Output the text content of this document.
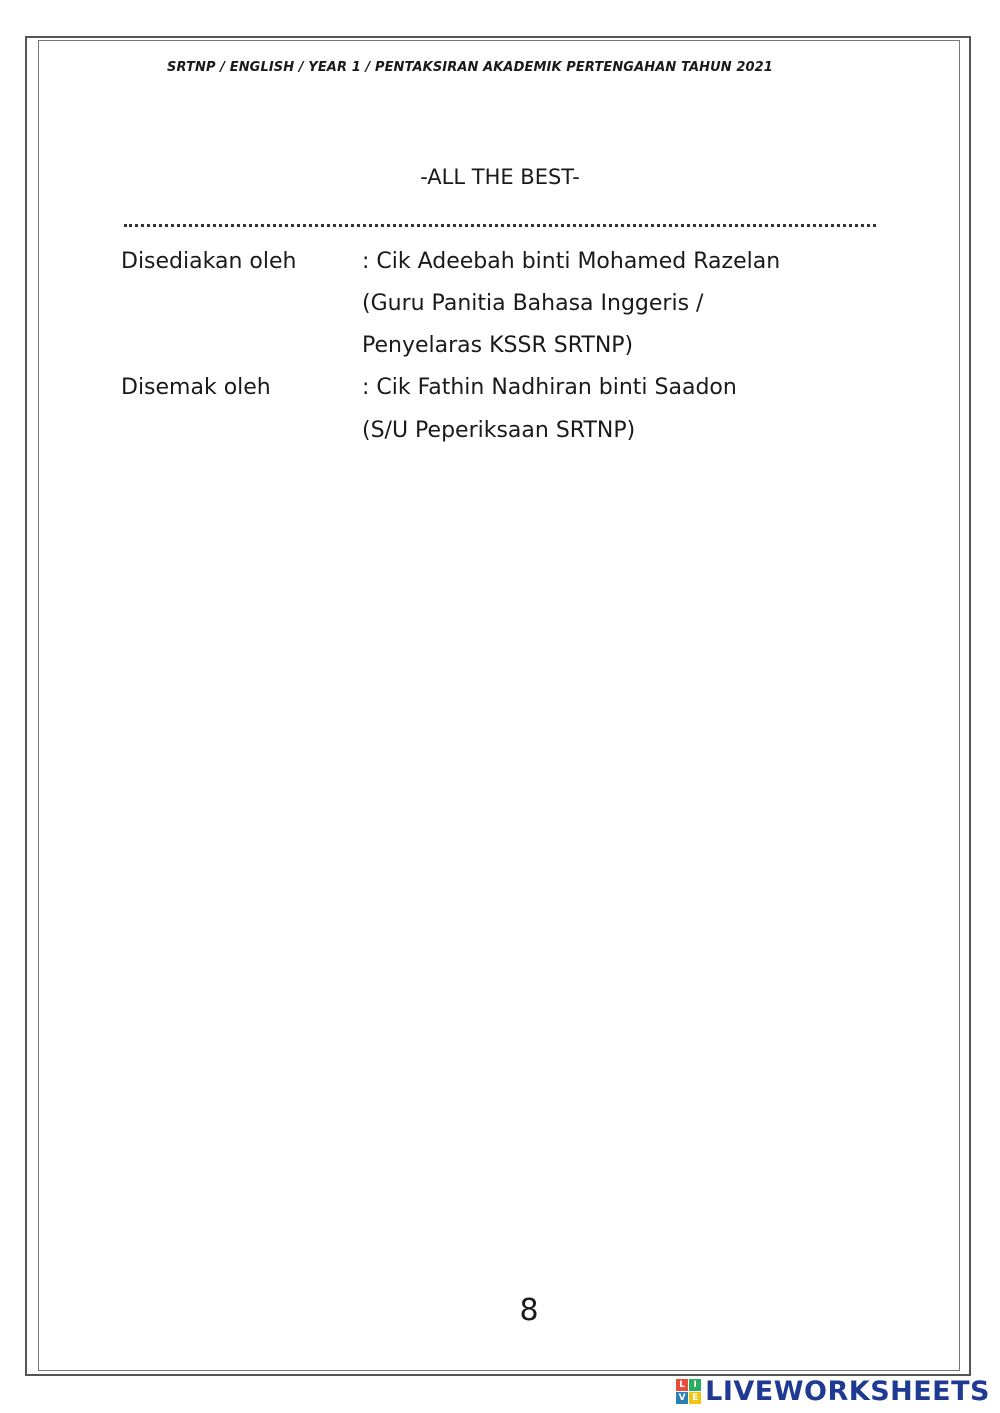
SRTNP / ENGLISH / YEAR 1 / PENTAKSIRAN AKADEMIK PERTENGAHAN TAHUN 2021
-ALL THE BEST-
Disediakan oleh	: Cik Adeebah binti Mohamed Razelan
(Guru Panitia Bahasa Inggeris /
Penyelaras KSSR SRTNP)
Disemak oleh	: Cik Fathin Nadhiran binti Saadon
(S/U Peperiksaan SRTNP)
8
L I
V E LIVEWORKSHEETS
